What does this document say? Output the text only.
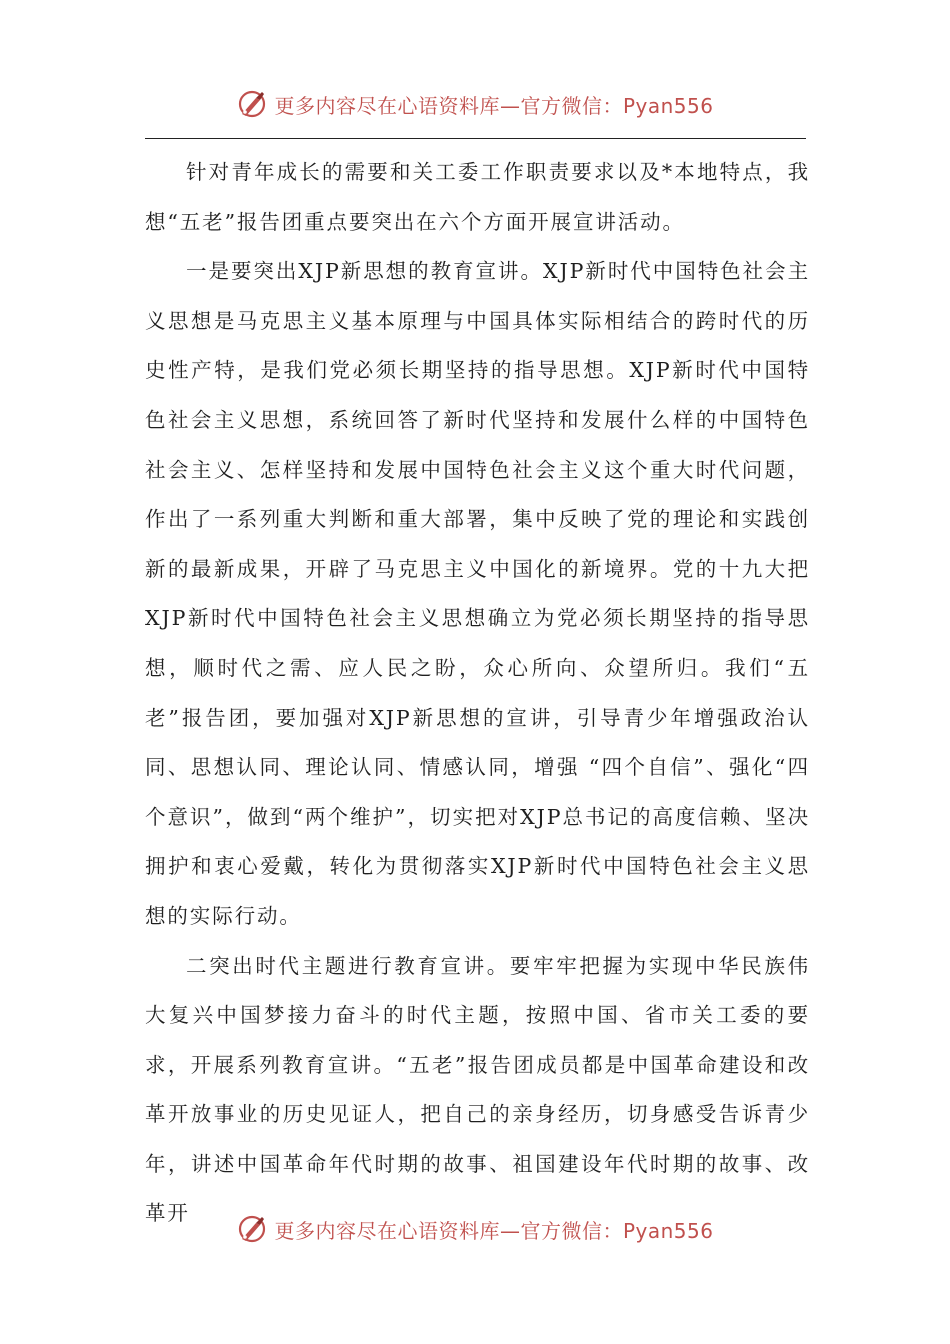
更多内容尽在心语资料库—官方微信：Pyan556

针对青年成长的需要和关工委工作职责要求以及*本地特点，我想“五老”报告团重点要突出在六个方面开展宣讲活动。

一是要突出XJP新思想的教育宣讲。XJP新时代中国特色社会主义思想是马克思主义基本原理与中国具体实际相结合的跨时代的历史性产特，是我们党必须长期坚持的指导思想。XJP新时代中国特色社会主义思想，系统回答了新时代坚持和发展什么样的中国特色社会主义、怎样坚持和发展中国特色社会主义这个重大时代问题，作出了一系列重大判断和重大部署，集中反映了党的理论和实践创新的最新成果，开辟了马克思主义中国化的新境界。党的十九大把XJP新时代中国特色社会主义思想确立为党必须长期坚持的指导思想，顺时代之需、应人民之盼，众心所向、众望所归。我们“五老”报告团，要加强对XJP新思想的宣讲，引导青少年增强政治认同、思想认同、理论认同、情感认同，增强 “四个自信”、强化“四个意识”，做到“两个维护”，切实把对XJP总书记的高度信赖、坚决拥护和衷心爱戴，转化为贯彻落实XJP新时代中国特色社会主义思想的实际行动。

二突出时代主题进行教育宣讲。要牢牢把握为实现中华民族伟大复兴中国梦接力奋斗的时代主题，按照中国、省市关工委的要求，开展系列教育宣讲。“五老”报告团成员都是中国革命建设和改革开放事业的历史见证人，把自己的亲身经历，切身感受告诉青少年，讲述中国革命年代时期的故事、祖国建设年代时期的故事、改革开

更多内容尽在心语资料库—官方微信：Pyan556
